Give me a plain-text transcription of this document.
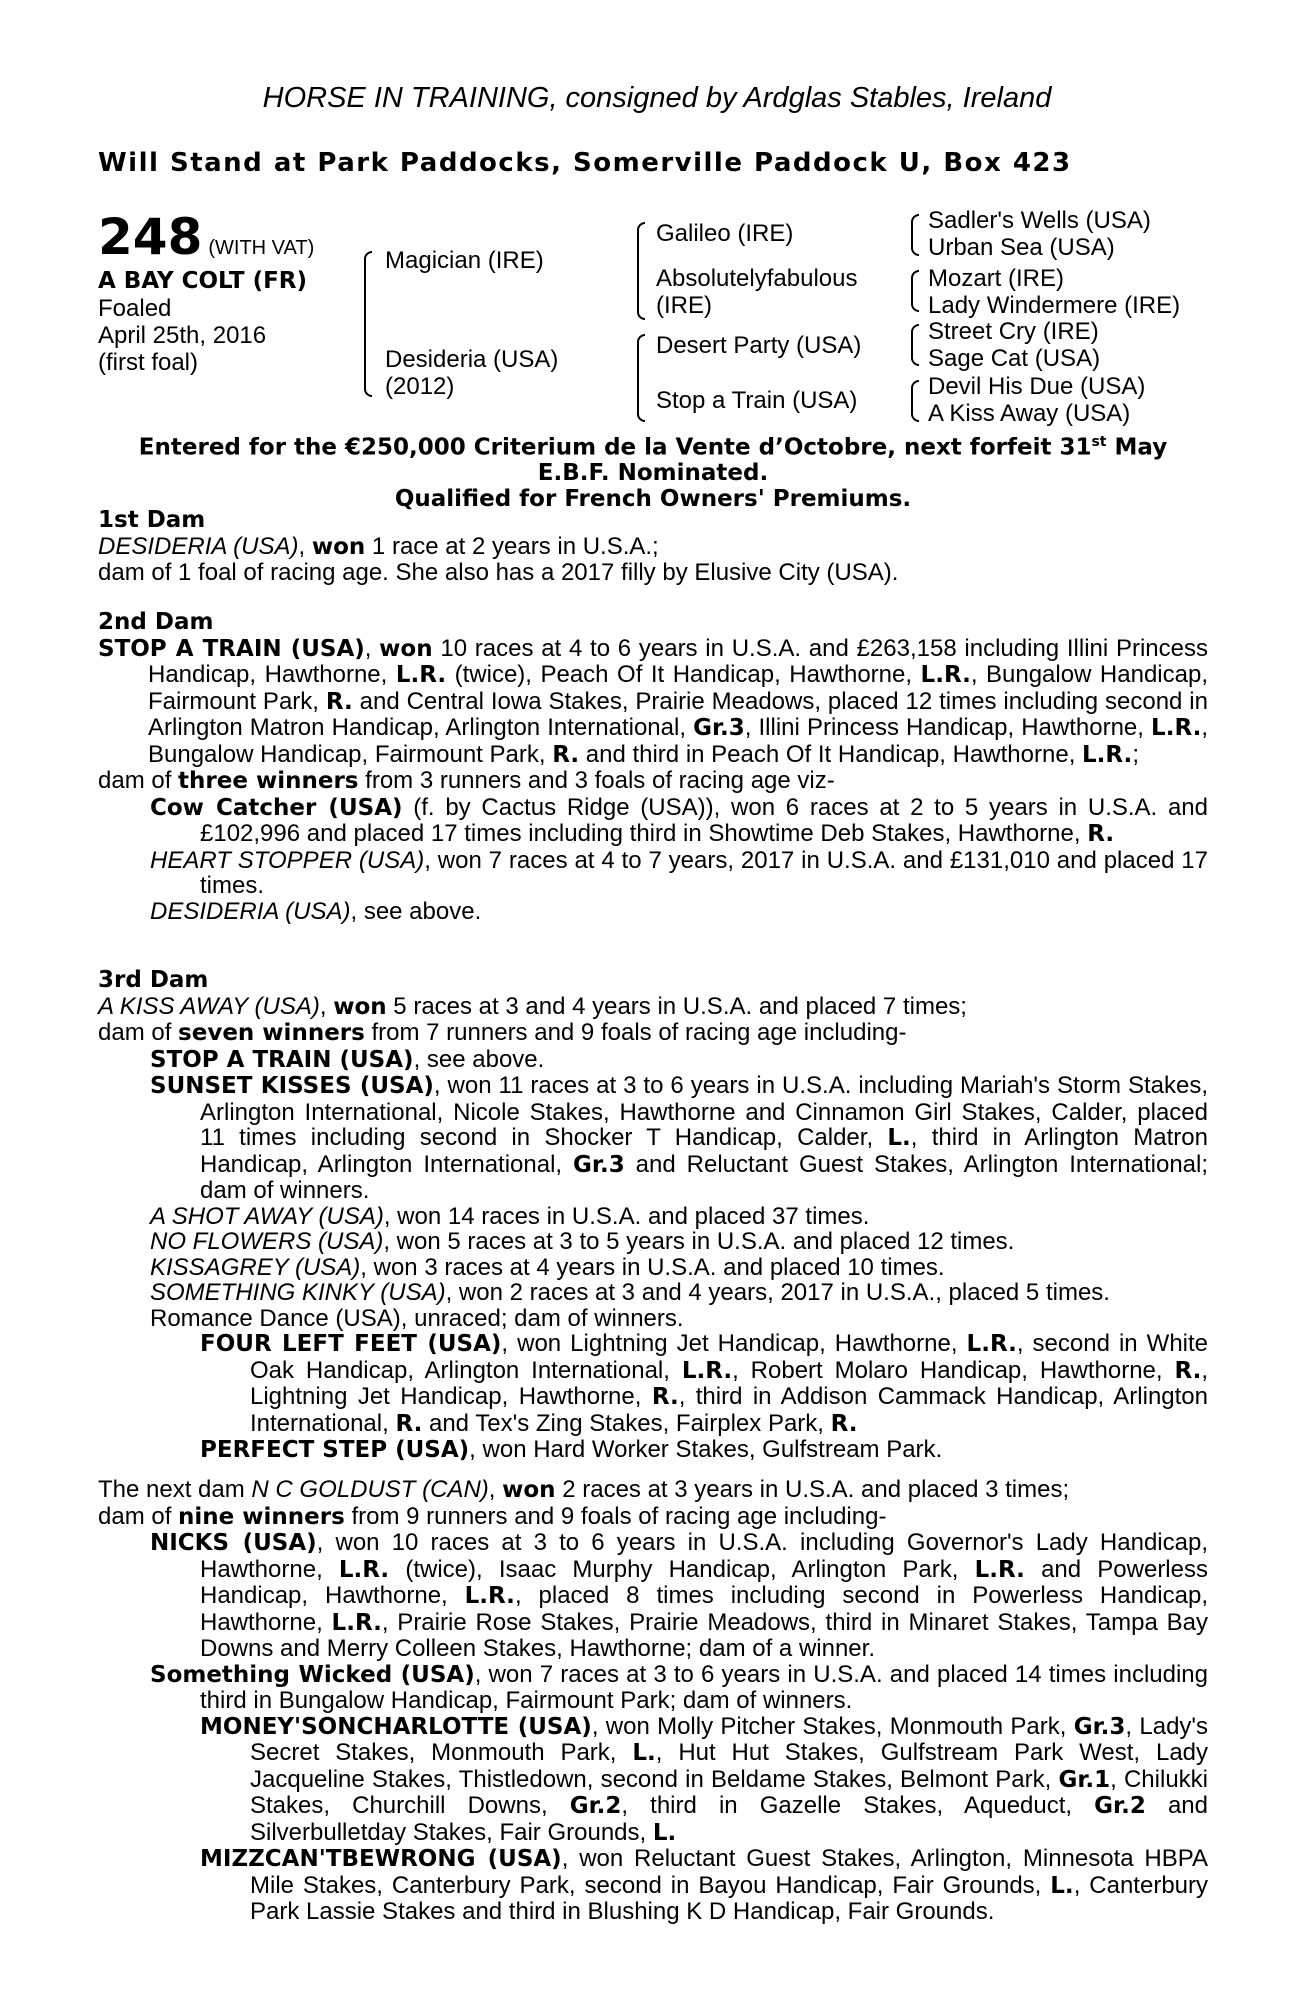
HORSE IN TRAINING, consigned by Ardglas Stables, Ireland
Will Stand at Park Paddocks, Somerville Paddock U, Box 423
248 (WITH VAT)
A BAY COLT (FR)
Foaled
April 25th, 2016
(first foal)
Magician (IRE)
Desideria (USA)
(2012)
Galileo (IRE)
Absolutelyfabulous
(IRE)
Desert Party (USA)
Stop a Train (USA)
Sadler's Wells (USA)
Urban Sea (USA)
Mozart (IRE)
Lady Windermere (IRE)
Street Cry (IRE)
Sage Cat (USA)
Devil His Due (USA)
A Kiss Away (USA)

Entered for the €250,000 Criterium de la Vente d’Octobre, next forfeit 31st May

E.B.F. Nominated.

Qualified for French Owners' Premiums.

1st Dam

DESIDERIA (USA), won 1 race at 2 years in U.S.A.;

dam of 1 foal of racing age. She also has a 2017 filly by Elusive City (USA).

2nd Dam

STOP A TRAIN (USA), won 10 races at 4 to 6 years in U.S.A. and £263,158 including Illini Princess Handicap, Hawthorne, L.R. (twice), Peach Of It Handicap, Hawthorne, L.R., Bungalow Handicap, Fairmount Park, R. and Central Iowa Stakes, Prairie Meadows, placed 12 times including second in Arlington Matron Handicap, Arlington International, Gr.3, Illini Princess Handicap, Hawthorne, L.R., Bungalow Handicap, Fairmount Park, R. and third in Peach Of It Handicap, Hawthorne, L.R.;

dam of three winners from 3 runners and 3 foals of racing age viz-

Cow Catcher (USA) (f. by Cactus Ridge (USA)), won 6 races at 2 to 5 years in U.S.A. and £102,996 and placed 17 times including third in Showtime Deb Stakes, Hawthorne, R.

HEART STOPPER (USA), won 7 races at 4 to 7 years, 2017 in U.S.A. and £131,010 and placed 17 times.

DESIDERIA (USA), see above.

3rd Dam

A KISS AWAY (USA), won 5 races at 3 and 4 years in U.S.A. and placed 7 times;

dam of seven winners from 7 runners and 9 foals of racing age including-

STOP A TRAIN (USA), see above.

SUNSET KISSES (USA), won 11 races at 3 to 6 years in U.S.A. including Mariah's Storm Stakes, Arlington International, Nicole Stakes, Hawthorne and Cinnamon Girl Stakes, Calder, placed 11 times including second in Shocker T Handicap, Calder, L., third in Arlington Matron Handicap, Arlington International, Gr.3 and Reluctant Guest Stakes, Arlington International; dam of winners.

A SHOT AWAY (USA), won 14 races in U.S.A. and placed 37 times.

NO FLOWERS (USA), won 5 races at 3 to 5 years in U.S.A. and placed 12 times.

KISSAGREY (USA), won 3 races at 4 years in U.S.A. and placed 10 times.

SOMETHING KINKY (USA), won 2 races at 3 and 4 years, 2017 in U.S.A., placed 5 times.

Romance Dance (USA), unraced; dam of winners.

FOUR LEFT FEET (USA), won Lightning Jet Handicap, Hawthorne, L.R., second in White Oak Handicap, Arlington International, L.R., Robert Molaro Handicap, Hawthorne, R., Lightning Jet Handicap, Hawthorne, R., third in Addison Cammack Handicap, Arlington International, R. and Tex's Zing Stakes, Fairplex Park, R.

PERFECT STEP (USA), won Hard Worker Stakes, Gulfstream Park.

The next dam N C GOLDUST (CAN), won 2 races at 3 years in U.S.A. and placed 3 times;

dam of nine winners from 9 runners and 9 foals of racing age including-

NICKS (USA), won 10 races at 3 to 6 years in U.S.A. including Governor's Lady Handicap, Hawthorne, L.R. (twice), Isaac Murphy Handicap, Arlington Park, L.R. and Powerless Handicap, Hawthorne, L.R., placed 8 times including second in Powerless Handicap, Hawthorne, L.R., Prairie Rose Stakes, Prairie Meadows, third in Minaret Stakes, Tampa Bay Downs and Merry Colleen Stakes, Hawthorne; dam of a winner.

Something Wicked (USA), won 7 races at 3 to 6 years in U.S.A. and placed 14 times including third in Bungalow Handicap, Fairmount Park; dam of winners.

MONEY'SONCHARLOTTE (USA), won Molly Pitcher Stakes, Monmouth Park, Gr.3, Lady's Secret Stakes, Monmouth Park, L., Hut Hut Stakes, Gulfstream Park West, Lady Jacqueline Stakes, Thistledown, second in Beldame Stakes, Belmont Park, Gr.1, Chilukki Stakes, Churchill Downs, Gr.2, third in Gazelle Stakes, Aqueduct, Gr.2 and Silverbulletday Stakes, Fair Grounds, L.

MIZZCAN'TBEWRONG (USA), won Reluctant Guest Stakes, Arlington, Minnesota HBPA Mile Stakes, Canterbury Park, second in Bayou Handicap, Fair Grounds, L., Canterbury Park Lassie Stakes and third in Blushing K D Handicap, Fair Grounds.
